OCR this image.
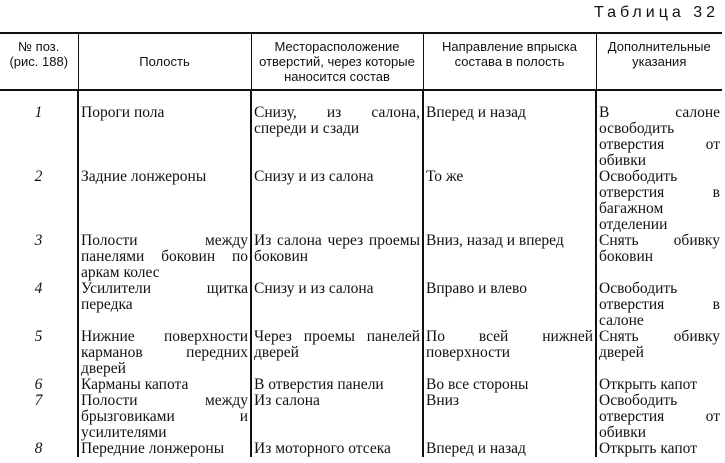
Таблица 32
№ поз. (рис. 188)	Полость	Месторасположение отверстий, через которые наносится состав	Направление впрыска состава в полость	Дополнительные указания

1	Пороги пола	Снизу, из салона, спереди и сзади	Вперед и назад	В салоне освободить отверстия от обивки
2	Задние лонжероны	Снизу и из салона	То же	Освободить отверстия в багажном отделении
3	Полости между панелями боковин по аркам колес	Из салона через проемы боковин	Вниз, назад и вперед	Снять обивку боковин
4	Усилители щитка передка	Снизу и из салона	Вправо и влево	Освободить отверстия в салоне
5	Нижние поверхности карманов передних дверей	Через проемы панелей дверей	По всей нижней поверхности	Снять обивку дверей
6	Карманы капота	В отверстия панели	Во все стороны	Открыть капот
7	Полости между брызговиками и усилителями	Из салона	Вниз	Освободить отверстия от обивки
8	Передние лонжероны	Из моторного отсека	Вперед и назад	Открыть капот
